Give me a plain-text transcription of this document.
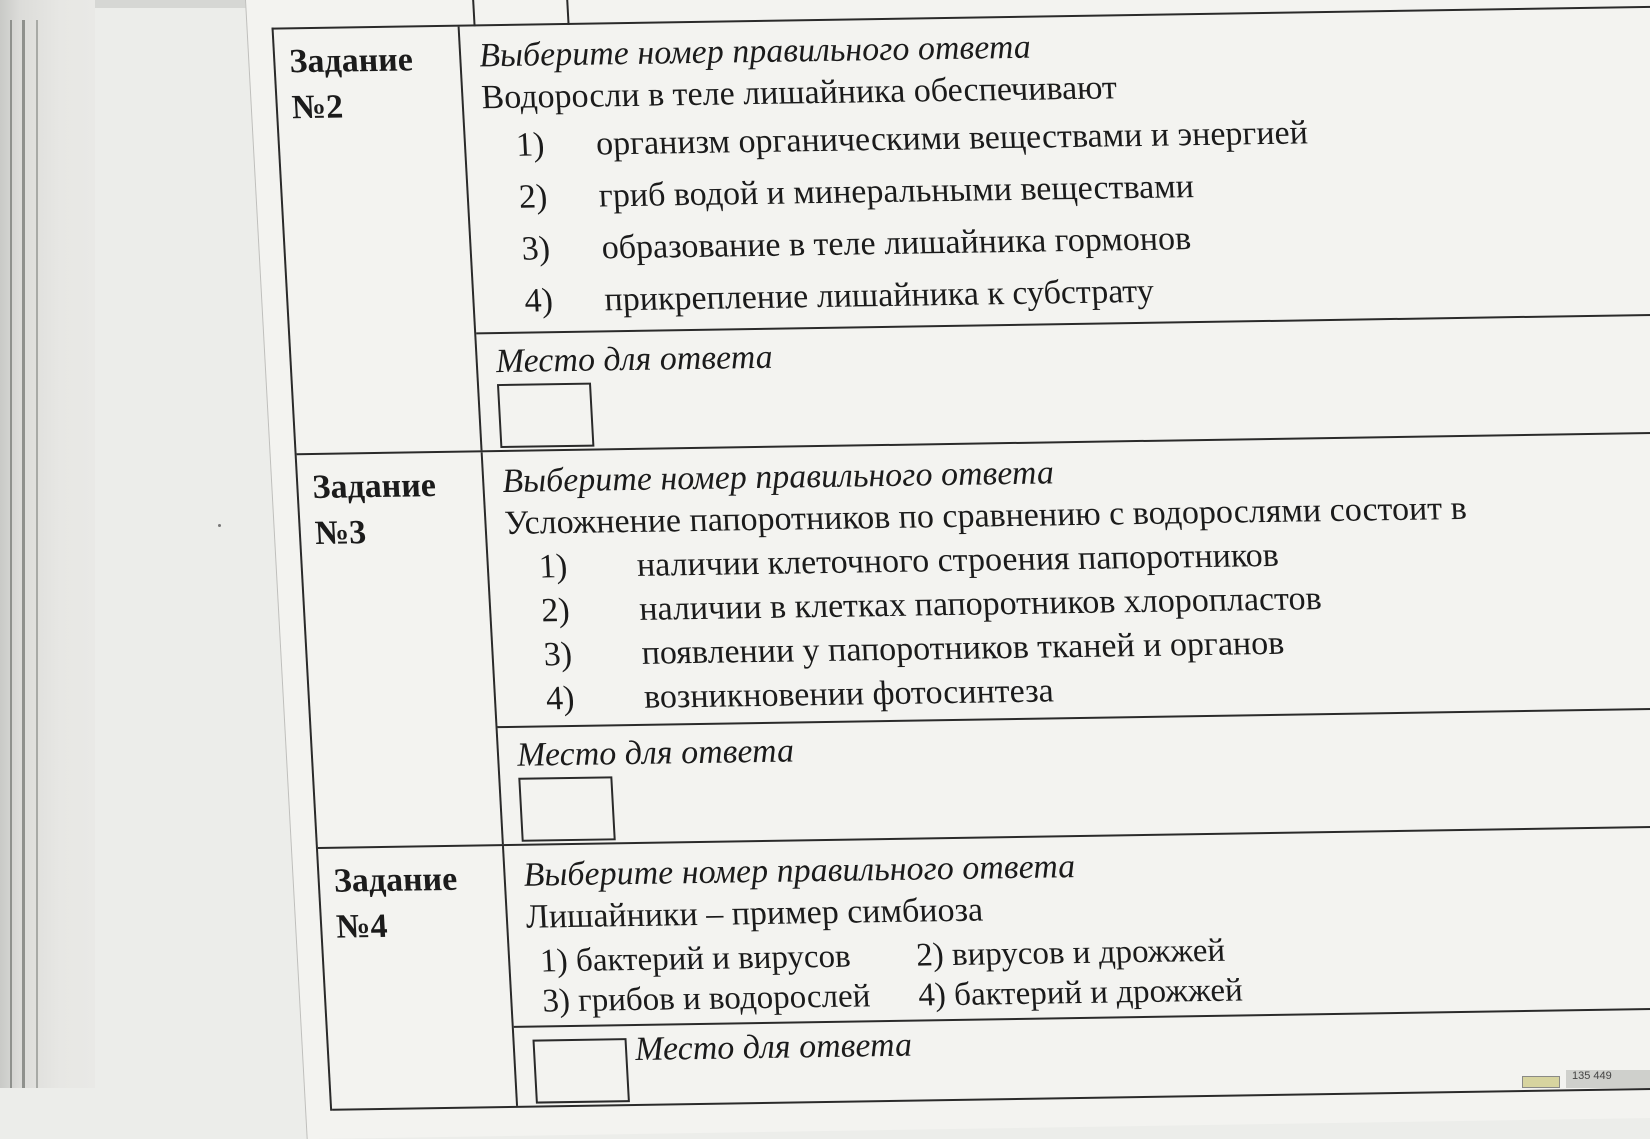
Задание №2
Выберите номер правильного ответа
Водоросли в теле лишайника обеспечивают
1)	организм органическими веществами и энергией
2)	гриб водой и минеральными веществами
3)	образование в теле лишайника гормонов
4)	прикрепление лишайника к субстрату
Место для ответа
Задание №3
Выберите номер правильного ответа
Усложнение папоротников по сравнению с водорослями состоит в
1)	наличии клеточного строения папоротников
2)	наличии в клетках папоротников хлоропластов
3)	появлении у папоротников тканей и органов
4)	возникновении фотосинтеза
Место для ответа
Задание №4
Выберите номер правильного ответа
Лишайники – пример симбиоза
1) бактерий и вирусов	2) вирусов и дрожжей
3) грибов и водорослей	4) бактерий и дрожжей
Место для ответа
135 449
